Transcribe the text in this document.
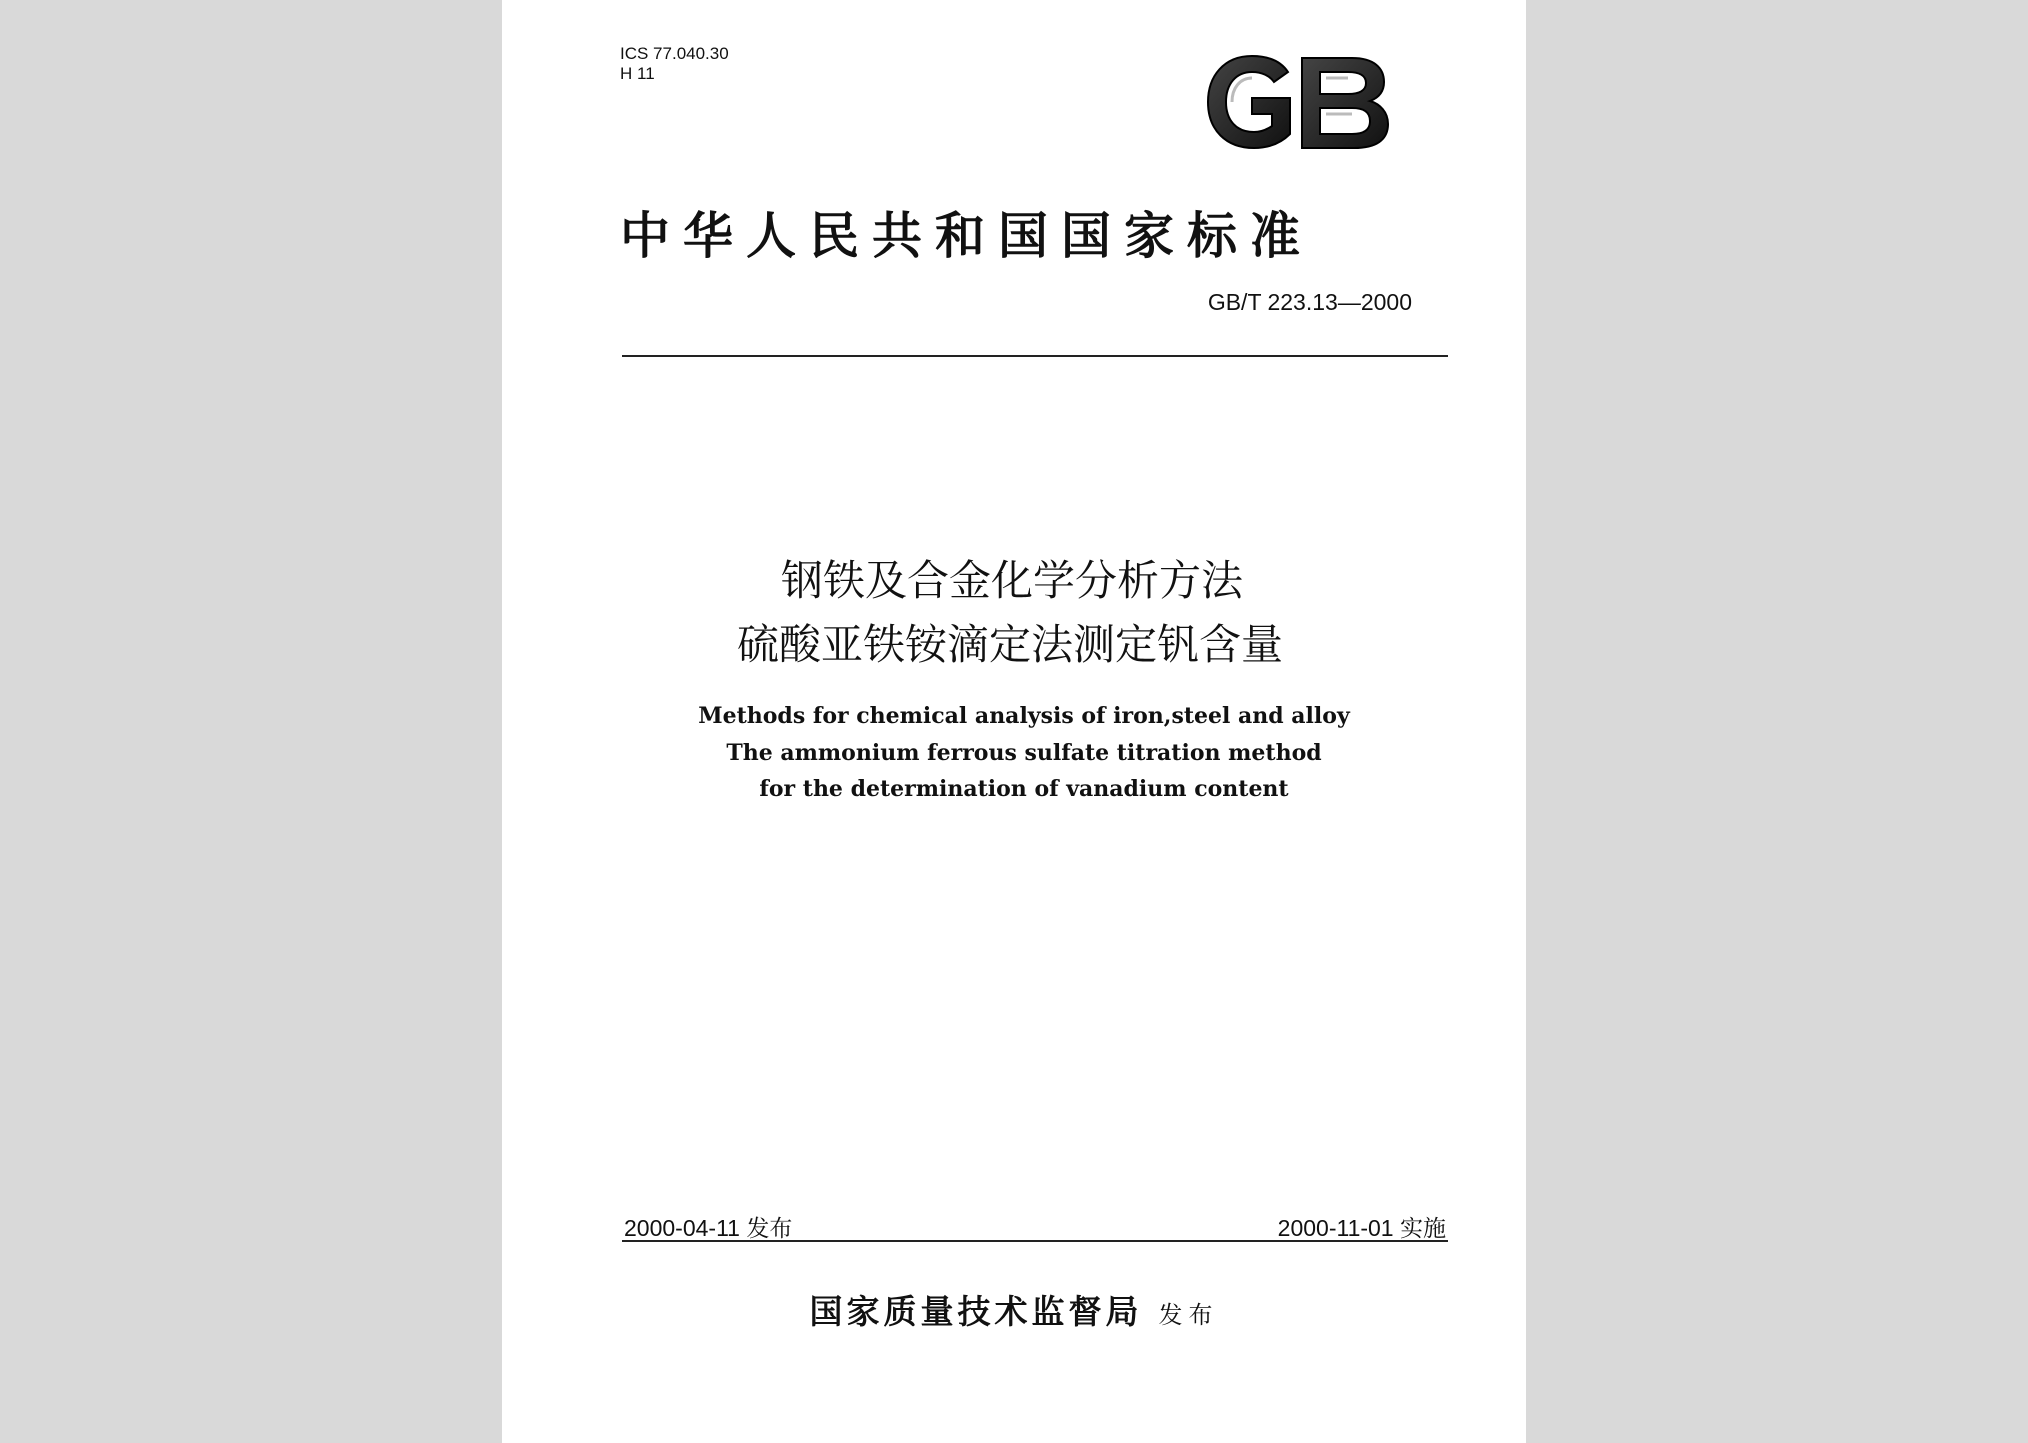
ICS 77.040.30
H 11
中华人民共和国国家标准
GB/T 223.13—2000
钢铁及合金化学分析方法
硫酸亚铁铵滴定法测定钒含量
Methods for chemical analysis of iron,steel and alloy
The ammonium ferrous sulfate titration method
for the determination of vanadium content
2000-04-11 发布	2000-11-01 实施
国家质量技术监督局 发布
